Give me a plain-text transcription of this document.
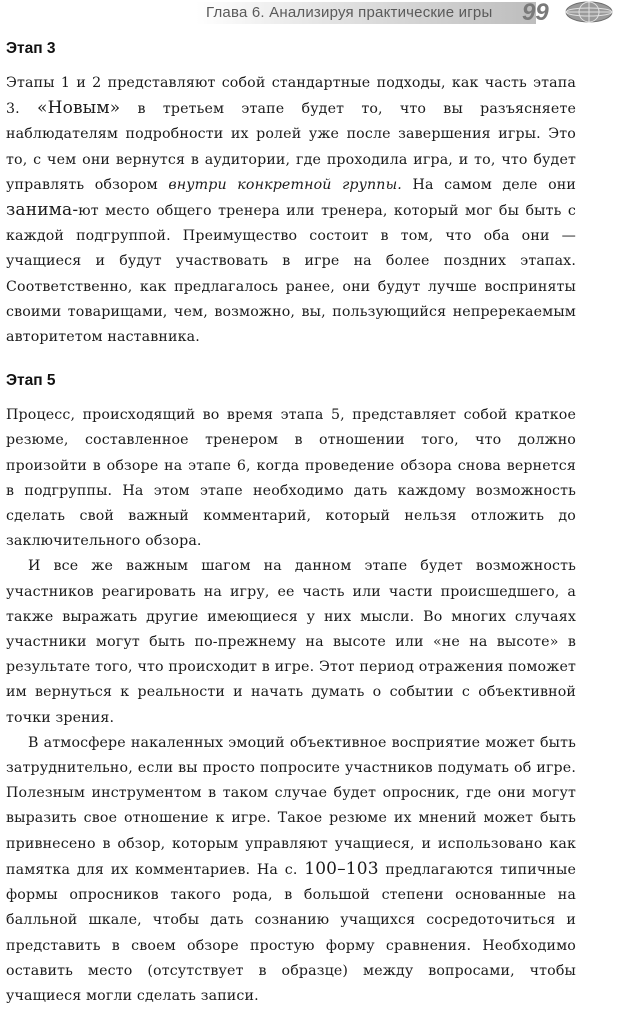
Глава 6. Анализируя практические игры 99
Этап 3

Этапы 1 и 2 представляют собой стандартные подходы, как часть этапа 3. «Новым» в третьем этапе будет то, что вы разъясняете наблюдателям подробности их ролей уже после завершения игры. Это то, с чем они вернутся в аудитории, где проходила игра, и то, что будет управлять обзором внутри конкретной группы. На самом деле они занима-ют место общего тренера или тренера, который мог бы быть с каждой подгруппой. Преимущество состоит в том, что оба они — учащиеся и будут участвовать в игре на более поздних этапах. Соответственно, как предлагалось ранее, они будут лучше восприняты своими товарищами, чем, возможно, вы, пользующийся непререкаемым авторитетом наставника.

Этап 5

Процесс, происходящий во время этапа 5, представляет собой краткое резюме, составленное тренером в отношении того, что должно произойти в обзоре на этапе 6, когда проведение обзора снова вернется в подгруппы. На этом этапе необходимо дать каждому возможность сделать свой важный комментарий, который нельзя отложить до заключительного обзора.

И все же важным шагом на данном этапе будет возможность участников реагировать на игру, ее часть или части происшедшего, а также выражать другие имеющиеся у них мысли. Во многих случаях участники могут быть по-прежнему на высоте или «не на высоте» в результате того, что происходит в игре. Этот период отражения поможет им вернуться к реальности и начать думать о событии с объективной точки зрения.

В атмосфере накаленных эмоций объективное восприятие может быть затруднительно, если вы просто попросите участников подумать об игре. Полезным инструментом в таком случае будет опросник, где они могут выразить свое отношение к игре. Такое резюме их мнений может быть привнесено в обзор, которым управляют учащиеся, и использовано как памятка для их комментариев. На с. 100–103 предлагаются типичные формы опросников такого рода, в большой степени основанные на балльной шкале, чтобы дать сознанию учащихся сосредоточиться и представить в своем обзоре простую форму сравнения. Необходимо оставить место (отсутствует в образце) между вопросами, чтобы учащиеся могли сделать записи.
